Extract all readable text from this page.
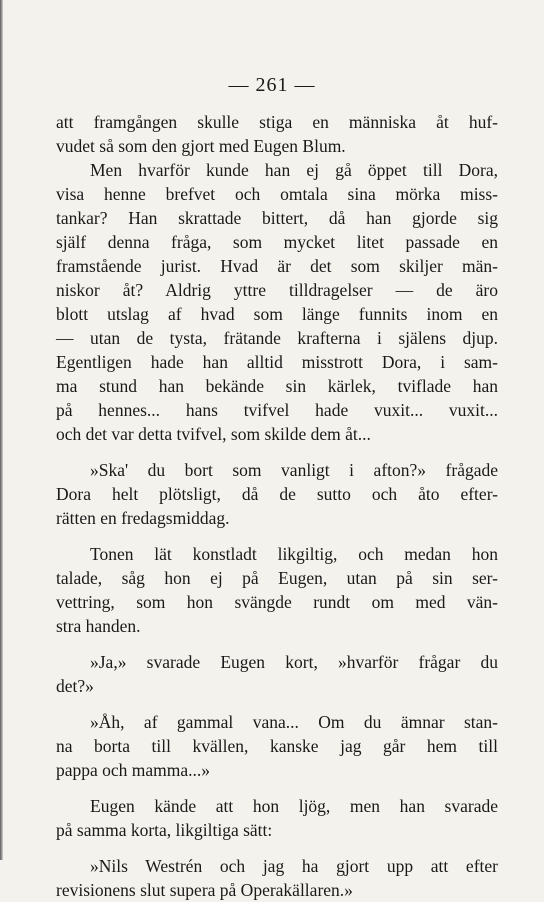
— 261 —
att framgången skulle stiga en människa åt huf-
vudet så som den gjort med Eugen Blum.
Men hvarför kunde han ej gå öppet till Dora,
visa henne brefvet och omtala sina mörka miss-
tankar? Han skrattade bittert, då han gjorde sig
själf denna fråga, som mycket litet passade en
framstående jurist. Hvad är det som skiljer män-
niskor åt? Aldrig yttre tilldragelser — de äro
blott utslag af hvad som länge funnits inom en
— utan de tysta, frätande krafterna i själens djup.
Egentligen hade han alltid misstrott Dora, i sam-
ma stund han bekände sin kärlek, tviflade han
på hennes... hans tvifvel hade vuxit... vuxit...
och det var detta tvifvel, som skilde dem åt...
»Ska' du bort som vanligt i afton?» frågade
Dora helt plötsligt, då de sutto och åto efter-
rätten en fredagsmiddag.
Tonen lät konstladt likgiltig, och medan hon
talade, såg hon ej på Eugen, utan på sin ser-
vettring, som hon svängde rundt om med vän-
stra handen.
»Ja,» svarade Eugen kort, »hvarför frågar du
det?»
»Åh, af gammal vana... Om du ämnar stan-
na borta till kvällen, kanske jag går hem till
pappa och mamma...»
Eugen kände att hon ljög, men han svarade
på samma korta, likgiltiga sätt:
»Nils Westrén och jag ha gjort upp att efter
revisionens slut supera på Operakällaren.»
